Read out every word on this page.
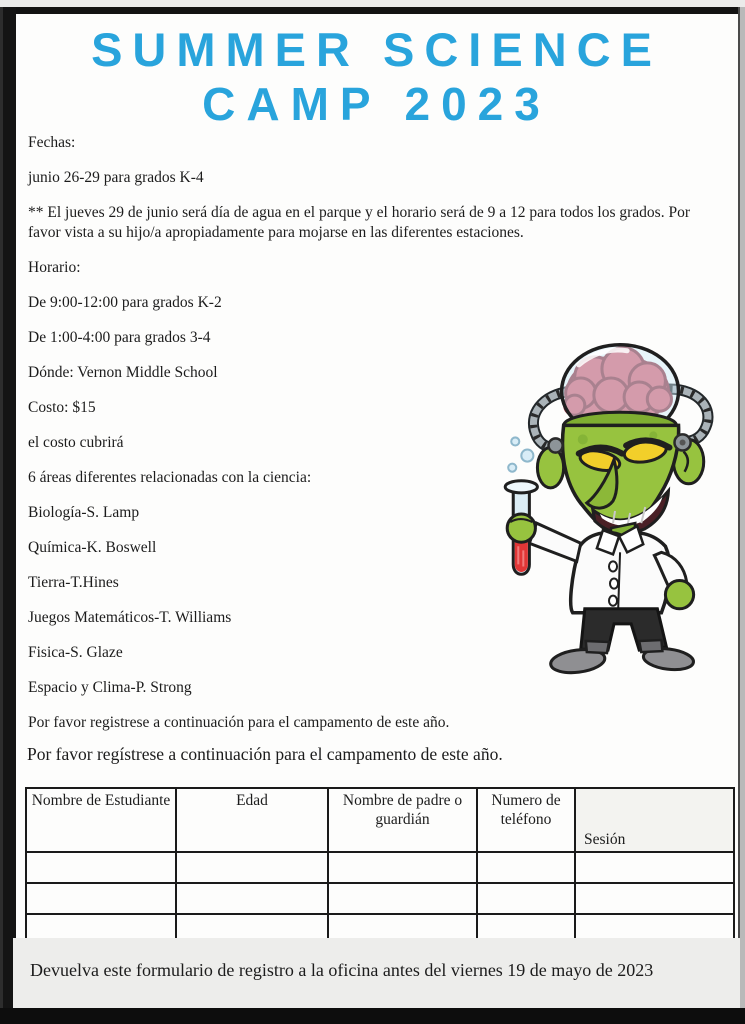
SUMMER SCIENCE
CAMP 2023

Fechas:

junio 26-29 para grados K-4

** El jueves 29 de junio será día de agua en el parque y el horario será de 9 a 12 para todos los grados. Por favor vista a su hijo/a apropiadamente para mojarse en las diferentes estaciones.

Horario:

De 9:00-12:00 para grados K-2

De 1:00-4:00 para grados 3-4

Dónde: Vernon Middle School

Costo: $15

el costo cubrirá

6 áreas diferentes relacionadas con la ciencia:

Biología-S. Lamp

Química-K. Boswell

Tierra-T.Hines

Juegos Matemáticos-T. Williams

Fisica-S. Glaze

Espacio y Clima-P. Strong

Por favor registrese a continuación para el campamento de este año.

Por favor regístrese a continuación para el campamento de este año.
Nombre de Estudiante	Edad	Nombre de padre o guardián	Numero de teléfono	Sesión

Devuelva este formulario de registro a la oficina antes del viernes 19 de mayo de 2023
